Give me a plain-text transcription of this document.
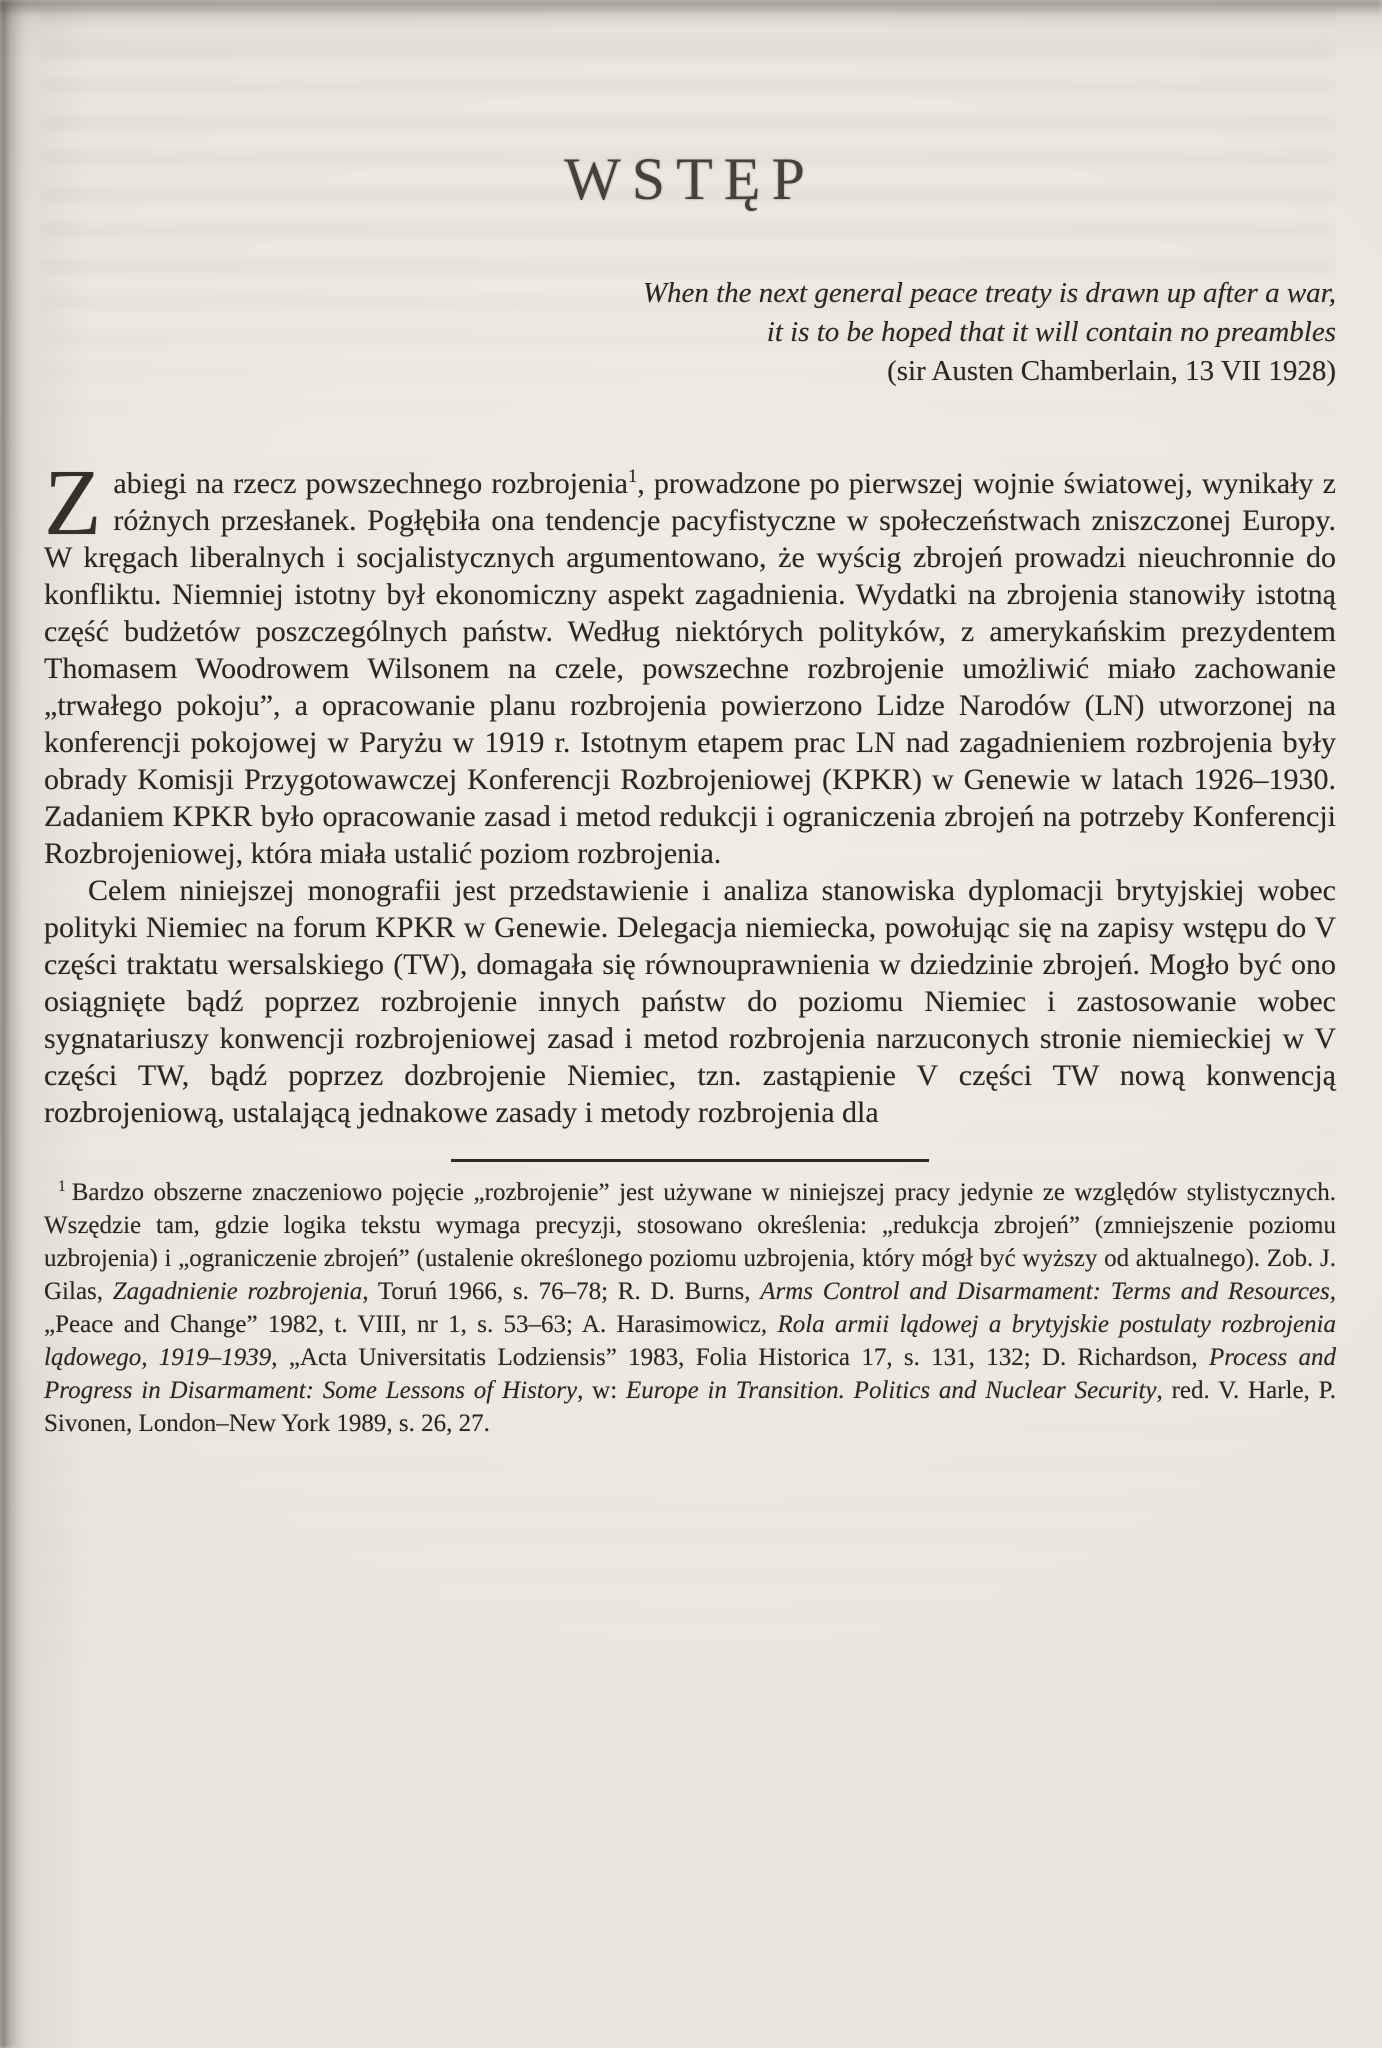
WSTĘP
When the next general peace treaty is drawn up after a war,
it is to be hoped that it will contain no preambles
(sir Austen Chamberlain, 13 VII 1928)

Zabiegi na rzecz powszechnego rozbrojenia$^1$, prowadzone po pierwszej wojnie światowej, wynikały z różnych przesłanek. Pogłębiła ona tendencje pacyfistyczne w społeczeństwach zniszczonej Europy. W kręgach liberalnych i socjalistycznych argumentowano, że wyścig zbrojeń prowadzi nieuchronnie do konfliktu. Niemniej istotny był ekonomiczny aspekt zagadnienia. Wydatki na zbrojenia stanowiły istotną część budżetów poszczególnych państw. Według niektórych polityków, z amerykańskim prezydentem Thomasem Woodrowem Wilsonem na czele, powszechne rozbrojenie umożliwić miało zachowanie „trwałego pokoju”, a opracowanie planu rozbrojenia powierzono Lidze Narodów (LN) utworzonej na konferencji pokojowej w Paryżu w 1919 r. Istotnym etapem prac LN nad zagadnieniem rozbrojenia były obrady Komisji Przygotowawczej Konferencji Rozbrojeniowej (KPKR) w Genewie w latach 1926–1930. Zadaniem KPKR było opracowanie zasad i metod redukcji i ograniczenia zbrojeń na potrzeby Konferencji Rozbrojeniowej, która miała ustalić poziom rozbrojenia.

Celem niniejszej monografii jest przedstawienie i analiza stanowiska dyplomacji brytyjskiej wobec polityki Niemiec na forum KPKR w Genewie. Delegacja niemiecka, powołując się na zapisy wstępu do V części traktatu wersalskiego (TW), domagała się równouprawnienia w dziedzinie zbrojeń. Mogło być ono osiągnięte bądź poprzez rozbrojenie innych państw do poziomu Niemiec i zastosowanie wobec sygnatariuszy konwencji rozbrojeniowej zasad i metod rozbrojenia narzuconych stronie niemieckiej w V części TW, bądź poprzez dozbrojenie Niemiec, tzn. zastąpienie V części TW nową konwencją rozbrojeniową, ustalającą jednakowe zasady i metody rozbrojenia dla

$^1$ Bardzo obszerne znaczeniowo pojęcie „rozbrojenie” jest używane w niniejszej pracy jedynie ze względów stylistycznych. Wszędzie tam, gdzie logika tekstu wymaga precyzji, stosowano określenia: „redukcja zbrojeń” (zmniejszenie poziomu uzbrojenia) i „ograniczenie zbrojeń” (ustalenie określonego poziomu uzbrojenia, który mógł być wyższy od aktualnego). Zob. J. Gilas, Zagadnienie rozbrojenia, Toruń 1966, s. 76–78; R. D. Burns, Arms Control and Disarmament: Terms and Resources, „Peace and Change” 1982, t. VIII, nr 1, s. 53–63; A. Harasimowicz, Rola armii lądowej a brytyjskie postulaty rozbrojenia lądowego, 1919–1939, „Acta Universitatis Lodziensis” 1983, Folia Historica 17, s. 131, 132; D. Richardson, Process and Progress in Disarmament: Some Lessons of History, w: Europe in Transition. Politics and Nuclear Security, red. V. Harle, P. Sivonen, London–New York 1989, s. 26, 27.
